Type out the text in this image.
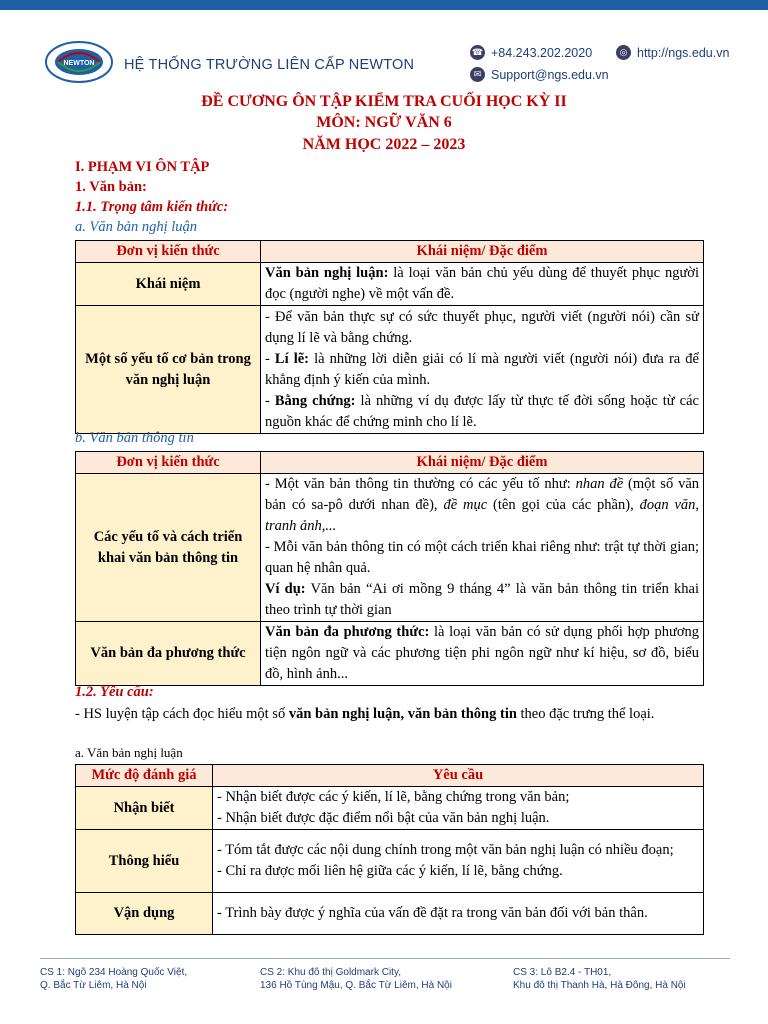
NEWTON HỆ THỐNG TRƯỜNG LIÊN CẤP NEWTON
☎ +84.243.202.2020	◎ http://ngs.edu.vn
✉ Support@ngs.edu.vn
ĐỀ CƯƠNG ÔN TẬP KIỂM TRA CUỐI HỌC KỲ II
MÔN: NGỮ VĂN 6
NĂM HỌC 2022 – 2023
I. PHẠM VI ÔN TẬP
1. Văn bản:
1.1. Trọng tâm kiến thức:
a. Văn bản nghị luận
Đơn vị kiến thức	Khái niệm/ Đặc điểm
Khái niệm	Văn bản nghị luận: là loại văn bản chủ yếu dùng để thuyết phục người đọc (người nghe) về một vấn đề.
Một số yếu tố cơ bản trong văn nghị luận	- Để văn bản thực sự có sức thuyết phục, người viết (người nói) cần sử dụng lí lẽ và bằng chứng.
- Lí lẽ: là những lời diễn giải có lí mà người viết (người nói) đưa ra để khẳng định ý kiến của mình.
- Bằng chứng: là những ví dụ được lấy từ thực tế đời sống hoặc từ các nguồn khác để chứng minh cho lí lẽ.
b. Văn bản thông tin
Đơn vị kiến thức	Khái niệm/ Đặc điểm
Các yếu tố và cách triển khai văn bản thông tin	- Một văn bản thông tin thường có các yếu tố như: nhan đề (một số văn bản có sa-pô dưới nhan đề), đề mục (tên gọi của các phần), đoạn văn, tranh ảnh,...
- Mỗi văn bản thông tin có một cách triển khai riêng như: trật tự thời gian; quan hệ nhân quả.
Ví dụ: Văn bản “Ai ơi mồng 9 tháng 4” là văn bản thông tin triển khai theo trình tự thời gian

Văn bản đa phương thức	Văn bản đa phương thức: là loại văn bản có sử dụng phối hợp phương tiện ngôn ngữ và các phương tiện phi ngôn ngữ như kí hiệu, sơ đồ, biểu đồ, hình ảnh...
1.2. Yêu cầu:
- HS luyện tập cách đọc hiểu một số văn bản nghị luận, văn bản thông tin theo đặc trưng thể loại.
a. Văn bản nghị luận
Mức độ đánh giá	Yêu cầu
Nhận biết	- Nhận biết được các ý kiến, lí lẽ, bằng chứng trong văn bản;
- Nhận biết được đặc điểm nổi bật của văn bản nghị luận.

Thông hiểu	- Tóm tắt được các nội dung chính trong một văn bản nghị luận có nhiều đoạn;
- Chỉ ra được mối liên hệ giữa các ý kiến, lí lẽ, bằng chứng.

Vận dụng	- Trình bày được ý nghĩa của vấn đề đặt ra trong văn bản đối với bản thân.
CS 1: Ngõ 234 Hoàng Quốc Việt,
Q. Bắc Từ Liêm, Hà Nội
CS 2: Khu đô thị Goldmark City,
136 Hồ Tùng Mậu, Q. Bắc Từ Liêm, Hà Nội
CS 3: Lô B2.4 - TH01,
Khu đô thị Thanh Hà, Hà Đông, Hà Nội
